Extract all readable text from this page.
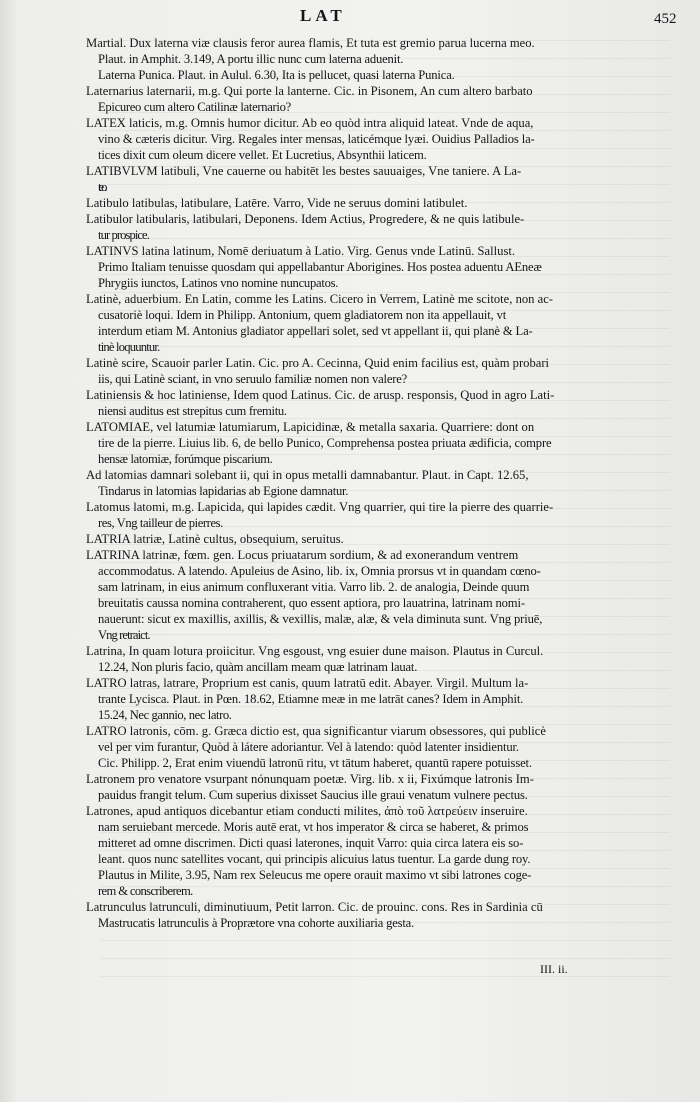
LAT	452
Martial. Dux laterna viæ clausis feror aurea flamis, Et tuta est gremio parua lucerna meo.
Plaut. in Amphit. 3.149, A portu illic nunc cum laterna aduenit.
Laterna Punica. Plaut. in Aulul. 6.30, Ita is pellucet, quasi laterna Punica.
Laternarius laternarii, m.g. Qui porte la lanterne. Cic. in Pisonem, An cum altero barbato
Epicureo cum altero Catilinæ laternario?
LATEX laticis, m.g. Omnis humor dicitur. Ab eo quòd intra aliquid lateat. Vnde de aqua,
vino & cæteris dicitur. Virg. Regales inter mensas, laticémque lyæi. Ouidius Palladios la-
tices dixit cum oleum dicere vellet. Et Lucretius, Absynthii laticem.
LATIBVLVM latibuli, Vne cauerne ou habitēt les bestes sauuaiges, Vne taniere. A La-
teo.
Latibulo latibulas, latibulare, Latēre. Varro, Vide ne seruus domini latibulet.
Latibulor latibularis, latibulari, Deponens. Idem Actius, Progredere, & ne quis latibule-
tur prospice.
LATINVS latina latinum, Nomē deriuatum à Latio. Virg. Genus vnde Latinū. Sallust.
Primo Italiam tenuisse quosdam qui appellabantur Aborigines. Hos postea aduentu AEneæ
Phrygiis iunctos, Latinos vno nomine nuncupatos.
Latinè, aduerbium. En Latin, comme les Latins. Cicero in Verrem, Latinè me scitote, non ac-
cusatoriè loqui. Idem in Philipp. Antonium, quem gladiatorem non ita appellauit, vt
interdum etiam M. Antonius gladiator appellari solet, sed vt appellant ii, qui planè & La-
tinè loquuntur.
Latinè scire, Scauoir parler Latin. Cic. pro A. Cecinna, Quid enim facilius est, quàm probari
iis, qui Latinè sciant, in vno seruulo familiæ nomen non valere?
Latiniensis & hoc latiniense, Idem quod Latinus. Cic. de arusp. responsis, Quod in agro Lati-
niensi auditus est strepitus cum fremitu.
LATOMIAE, vel latumiæ latumiarum, Lapicidinæ, & metalla saxaria. Quarriere: dont on
tire de la pierre. Liuius lib. 6, de bello Punico, Comprehensa postea priuata ædificia, compre
hensæ latomiæ, forúmque piscarium.
Ad latomias damnari solebant ii, qui in opus metalli damnabantur. Plaut. in Capt. 12.65,
Tindarus in latomias lapidarias ab Egione damnatur.
Latomus latomi, m.g. Lapicida, qui lapides cædit. Vng quarrier, qui tire la pierre des quarrie-
res, Vng tailleur de pierres.
LATRIA latriæ, Latinè cultus, obsequium, seruitus.
LATRINA latrinæ, fœm. gen. Locus priuatarum sordium, & ad exonerandum ventrem
accommodatus. A latendo. Apuleius de Asino, lib. ix, Omnia prorsus vt in quandam cœno-
sam latrinam, in eius animum confluxerant vitia. Varro lib. 2. de analogia, Deinde quum
breuitatis caussa nomina contraherent, quo essent aptiora, pro lauatrina, latrinam nomi-
nauerunt: sicut ex maxillis, axillis, & vexillis, malæ, alæ, & vela diminuta sunt. Vng priuē,
Vng retraict.
Latrina, In quam lotura proiicitur. Vng esgoust, vng esuier dune maison. Plautus in Curcul.
12.24, Non pluris facio, quàm ancillam meam quæ latrinam lauat.
LATRO latras, latrare, Proprium est canis, quum latratū edit. Abayer. Virgil. Multum la-
trante Lycisca. Plaut. in Pœn. 18.62, Etiamne meæ in me latrāt canes? Idem in Amphit.
15.24, Nec gannio, nec latro.
LATRO latronis, cōm. g. Græca dictio est, qua significantur viarum obsessores, qui publicè
vel per vim furantur, Quòd à látere adoriantur. Vel à latendo: quòd latenter insidientur.
Cic. Philipp. 2, Erat enim viuendū latronū ritu, vt tātum haberet, quantū rapere potuisset.
Latronem pro venatore vsurpant nónunquam poetæ. Virg. lib. x ii, Fixúmque latronis Im-
pauidus frangit telum. Cum superius dixisset Saucius ille graui venatum vulnere pectus.
Latrones, apud antiquos dicebantur etiam conducti milites, ἀπὸ τοῦ λατρεύειν inseruire.
nam seruiebant mercede. Moris autē erat, vt hos imperator & circa se haberet, & primos
mitteret ad omne discrimen. Dicti quasi laterones, inquit Varro: quia circa latera eis so-
leant. quos nunc satellites vocant, qui principis alicuius latus tuentur. La garde dung roy.
Plautus in Milite, 3.95, Nam rex Seleucus me opere orauit maximo vt sibi latrones coge-
rem & conscriberem.
Latrunculus latrunculi, diminutiuum, Petit larron. Cic. de prouinc. cons. Res in Sardinia cū
Mastrucatis latrunculis à Proprætore vna cohorte auxiliaria gesta.
III. ii.
